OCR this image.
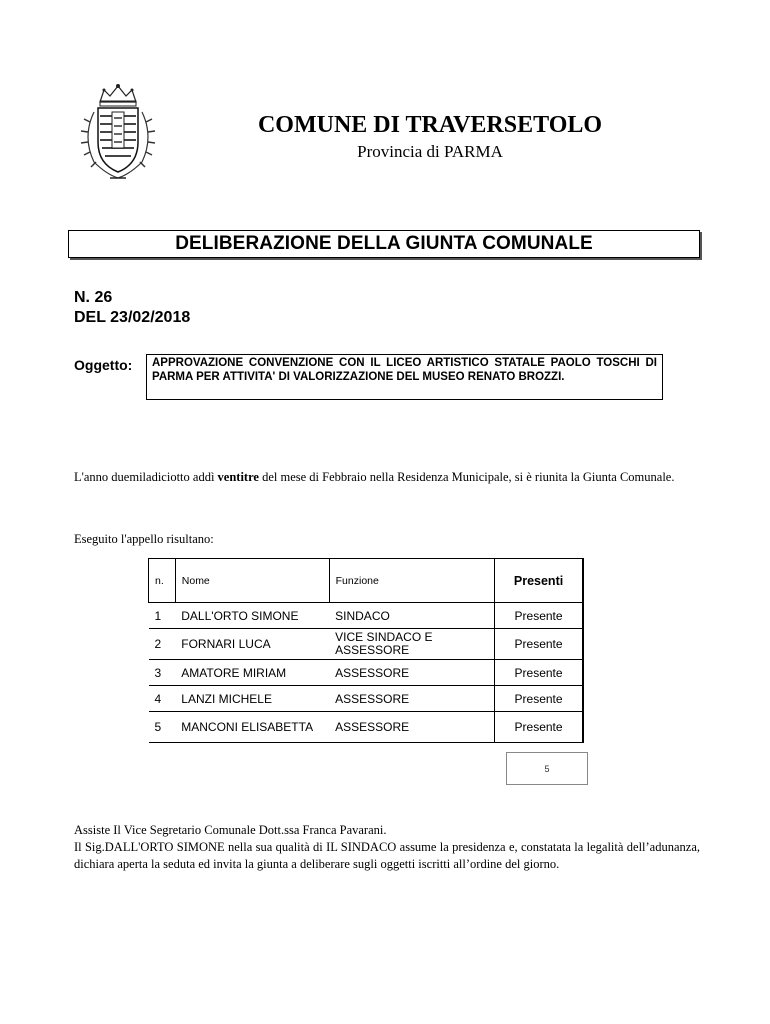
COMUNE DI TRAVERSETOLO
Provincia di PARMA
DELIBERAZIONE DELLA GIUNTA COMUNALE
N. 26
DEL 23/02/2018
Oggetto:	APPROVAZIONE CONVENZIONE CON IL LICEO ARTISTICO STATALE PAOLO TOSCHI DI PARMA PER ATTIVITA' DI VALORIZZAZIONE DEL MUSEO RENATO BROZZI.
L'anno duemiladiciotto addì ventitre del mese di Febbraio nella Residenza Municipale, si è riunita la Giunta Comunale.
Eseguito l'appello risultano:
n.	Nome	Funzione	Presenti
1	DALL'ORTO SIMONE	SINDACO	Presente
2	FORNARI LUCA	VICE SINDACO E ASSESSORE	Presente
3	AMATORE MIRIAM	ASSESSORE	Presente
4	LANZI MICHELE	ASSESSORE	Presente
5	MANCONI ELISABETTA	ASSESSORE	Presente
5
Assiste Il Vice Segretario Comunale Dott.ssa Franca Pavarani.
Il Sig.DALL'ORTO SIMONE nella sua qualità di IL SINDACO assume la presidenza e, constatata la legalità dell’adunanza, dichiara aperta la seduta ed invita la giunta a deliberare sugli oggetti iscritti all’ordine del giorno.
